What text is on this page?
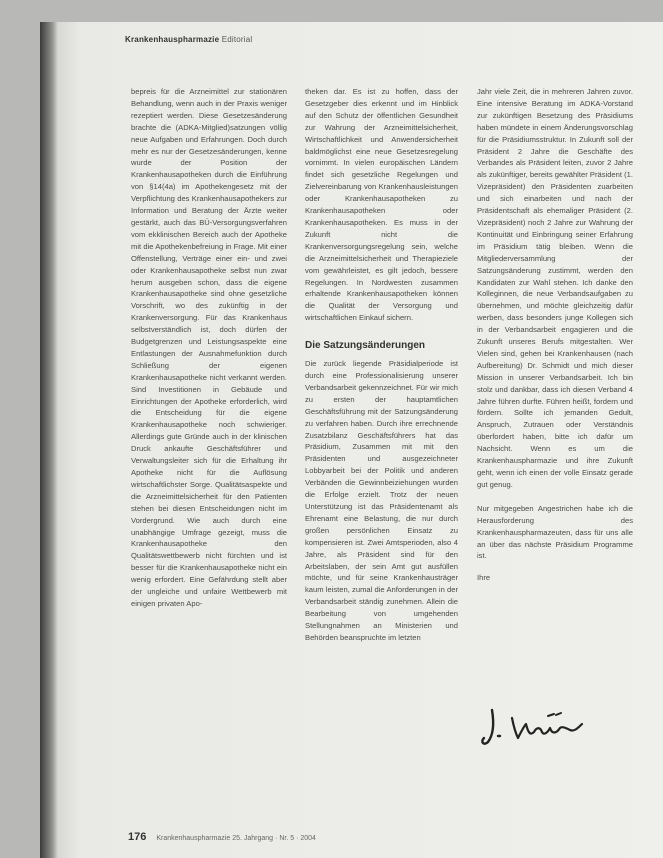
Krankenhauspharmazie Editorial

bepreis für die Arzneimittel zur stationären Behandlung, wenn auch in der Praxis weniger rezeptiert werden. Diese Gesetzesänderung brachte die (ADKA-Mitglied)satzungen völlig neue Aufgaben und Erfahrungen. Doch durch mehr es nur der Gesetzesänderungen, kenne wurde der Position der Krankenhausapotheken durch die Einführung von §14(4a) im Apothekengesetz mit der Verpflichtung des Krankenhausapothekers zur Information und Beratung der Ärzte weiter gestärkt, auch das BÜ-Versorgungsverfahren vom ekklinischen Bereich auch der Apotheke mit die Apothekenbefreiung in Frage. Mit einer Offenstellung, Verträge einer ein- und zwei oder Krankenhausapotheke selbst nun zwar herum ausgeben schon, dass die eigene Krankenhausapotheke sind ohne gesetzliche Vorschrift, wo des zukünftig in der Krankenversorgung. Für das Krankenhaus selbstverständlich ist, doch dürfen der Budgetgrenzen und Leistungsaspekte eine Entlastungen der Ausnahmefunktion durch Schließung der eigenen Krankenhausapotheke nicht verkannt werden. Sind Investitionen in Gebäude und Einrichtungen der Apotheke erforderlich, wird die Entscheidung für die eigene Krankenhausapotheke noch schwieriger. Allerdings gute Gründe auch in der klinischen Druck ankaufte Geschäftsführer und Verwaltungsleiter sich für die Erhaltung ihr Apotheke nicht für die Auflösung wirtschaftlichster Sorge. Qualitätsaspekte und die Arzneimittelsicherheit für den Patienten stehen bei diesen Entscheidungen nicht im Vordergrund. Wie auch durch eine unabhängige Umfrage gezeigt, muss die Krankenhausapotheke den Qualitätswettbewerb nicht fürchten und ist besser für die Krankenhausapotheke nicht ein wenig erfordert. Eine Gefährdung stellt aber der ungleiche und unfaire Wettbewerb mit einigen privaten Apo-

theken dar. Es ist zu hoffen, dass der Gesetzgeber dies erkennt und im Hinblick auf den Schutz der öffentlichen Gesundheit zur Wahrung der Arzneimittelsicherheit, Wirtschaftlichkeit und Anwendersicherheit baldmöglichst eine neue Gesetzesregelung vornimmt. In vielen europäischen Ländern findet sich gesetzliche Regelungen und Zielvereinbarung von Krankenhausleistungen oder Krankenhausapotheken zu Krankenhausapotheken oder Krankenhausapotheken. Es muss in der Zukunft nicht die Krankenversorgungsregelung sein, welche die Arzneimittelsicherheit und Therapieziele vom gewährleistet, es gilt jedoch, bessere Regelungen. In Nordwesten zusammen erhaltende Krankenhausapotheken können die Qualität der Versorgung und wirtschaftlichen Einkauf sichern.

Die Satzungsänderungen

Die zurück liegende Präsidialperiode ist durch eine Professionalisierung unserer Verbandsarbeit gekennzeichnet. Für wir mich zu ersten der hauptamtlichen Geschäftsführung mit der Satzungsänderung zu verfahren haben. Durch ihre errechnende Zusatzbilanz Geschäftsführers hat das Präsidium, Zusammen mit mit den Präsidenten und ausgezeichneter Lobbyarbeit bei der Politik und anderen Verbänden die Gewinnbeiziehungen wurden die Erfolge erzielt. Trotz der neuen Unterstützung ist das Präsidentenamt als Ehrenamt eine Belastung, die nur durch großen persönlichen Einsatz zu kompensieren ist. Zwei Amtsperioden, also 4 Jahre, als Präsident sind für den Arbeitslaben, der sein Amt gut ausfüllen möchte, und für seine Krankenhausträger kaum leisten, zumal die Anforderungen in der Verbandsarbeit ständig zunehmen. Allein die Bearbeitung von umgehenden Stellungnahmen an Ministerien und Behörden beanspruchte im letzten

Jahr viele Zeit, die in mehreren Jahren zuvor. Eine intensive Beratung im ADKA-Vorstand zur zukünftigen Besetzung des Präsidiums haben mündete in einem Änderungsvorschlag für die Präsidiumsstruktur. In Zukunft soll der Präsident 2 Jahre die Geschäfte des Verbandes als Präsident leiten, zuvor 2 Jahre als zukünftiger, bereits gewählter Präsident (1. Vizepräsident) den Präsidenten zuarbeiten und sich einarbeiten und nach der Präsidentschaft als ehemaliger Präsident (2. Vizepräsident) noch 2 Jahre zur Wahrung der Kontinuität und Einbringung seiner Erfahrung im Präsidium tätig bleiben. Wenn die Mitgliederversammlung der Satzungsänderung zustimmt, werden den Kandidaten zur Wahl stehen. Ich danke den Kolleginnen, die neue Verbandsaufgaben zu übernehmen, und möchte gleichzeitig dafür werben, dass besonders junge Kollegen sich in der Verbandsarbeit engagieren und die Zukunft unseres Berufs mitgestalten. Wer Vielen sind, gehen bei Krankenhausen (nach Aufbereitung) Dr. Schmidt und mich dieser Mission in unserer Verbandsarbeit. Ich bin stolz und dankbar, dass ich diesen Verband 4 Jahre führen durfte. Führen heißt, fordern und fördern. Sollte ich jemanden Gedult, Anspruch, Zutrauen oder Verständnis überfordert haben, bitte ich dafür um Nachsicht. Wenn es um die Krankenhauspharmazie und ihre Zukunft geht, wenn ich einen der volle Einsatz gerade gut genug.

Nur mitgegeben Angestrichen habe ich die Herausforderung des Krankenhauspharmazeuten, dass für uns alle an über das nächste Präsidium Programme ist.

Ihre

176 Krankenhauspharmazie 25. Jahrgang · Nr. 5 · 2004
